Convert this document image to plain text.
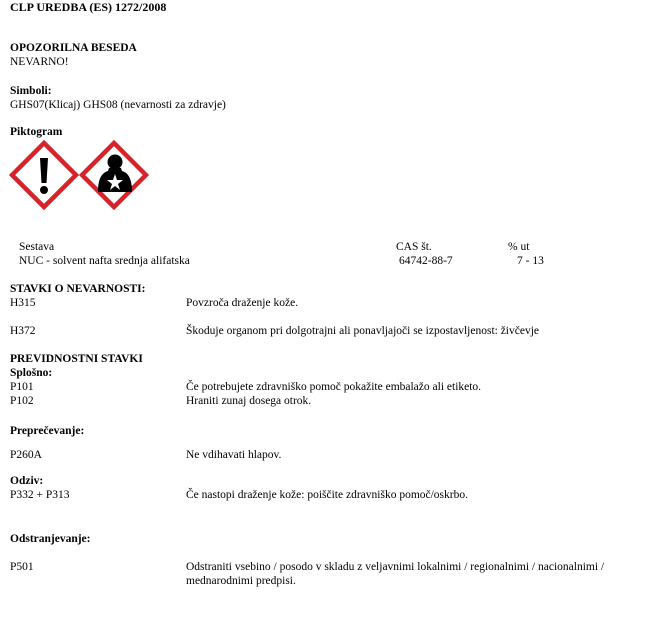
CLP UREDBA (ES) 1272/2008
OPOZORILNA BESEDA
NEVARNO!
Simboli:
GHS07(Klicaj) GHS08 (nevarnosti za zdravje)
Piktogram
Sestava	CAS št.	% ut
NUC - solvent nafta srednja alifatska	64742-88-7	7 - 13
STAVKI O NEVARNOSTI:
H315	Povzroča draženje kože.
H372	Škoduje organom pri dolgotrajni ali ponavljajoči se izpostavljenost: živčevje
PREVIDNOSTNI STAVKI
Splošno:
P101	Če potrebujete zdravniško pomoč pokažite embalažo ali etiketo.
P102	Hraniti zunaj dosega otrok.
Preprečevanje:
P260A	Ne vdihavati hlapov.
Odziv:
P332 + P313	Če nastopi draženje kože: poiščite zdravniško pomoč/oskrbo.
Odstranjevanje:
P501	Odstraniti vsebino / posodo v skladu z veljavnimi lokalnimi / regionalnimi / nacionalnimi / mednarodnimi predpisi.
